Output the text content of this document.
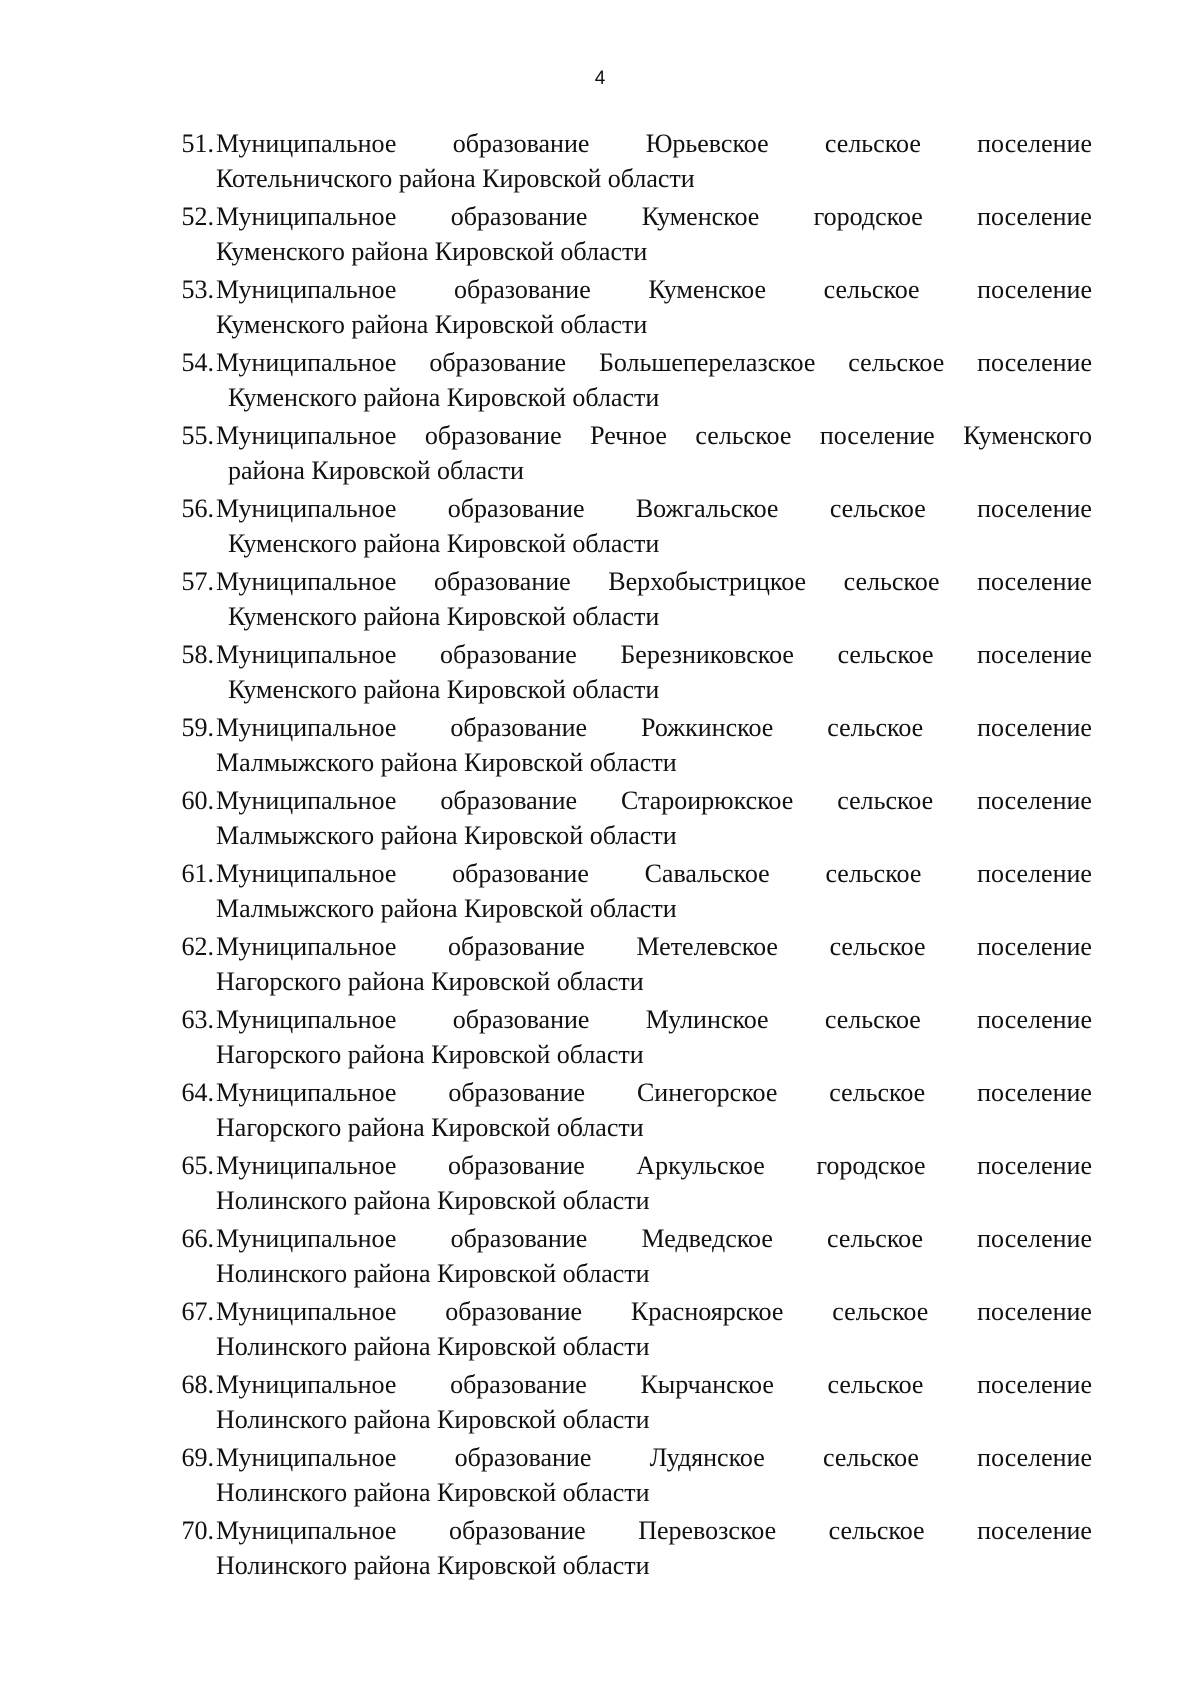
4
51. Муниципальное образование Юрьевское сельское поселение
Котельничского района Кировской области
52. Муниципальное образование Куменское городское поселение
Куменского района Кировской области
53. Муниципальное образование Куменское сельское поселение
Куменского района Кировской области
54. Муниципальное образование Большеперелазское сельское поселение
Куменского района Кировской области
55. Муниципальное образование Речное сельское поселение Куменского
района Кировской области
56. Муниципальное образование Вожгальское сельское поселение
Куменского района Кировской области
57. Муниципальное образование Верхобыстрицкое сельское поселение
Куменского района Кировской области
58. Муниципальное образование Березниковское сельское поселение
Куменского района Кировской области
59. Муниципальное образование Рожкинское сельское поселение
Малмыжского района Кировской области
60. Муниципальное образование Староирюкское сельское поселение
Малмыжского района Кировской области
61. Муниципальное образование Савальское сельское поселение
Малмыжского района Кировской области
62. Муниципальное образование Метелевское сельское поселение
Нагорского района Кировской области
63. Муниципальное образование Мулинское сельское поселение
Нагорского района Кировской области
64. Муниципальное образование Синегорское сельское поселение
Нагорского района Кировской области
65. Муниципальное образование Аркульское городское поселение
Нолинского района Кировской области
66. Муниципальное образование Медведское сельское поселение
Нолинского района Кировской области
67. Муниципальное образование Красноярское сельское поселение
Нолинского района Кировской области
68. Муниципальное образование Кырчанское сельское поселение
Нолинского района Кировской области
69. Муниципальное образование Лудянское сельское поселение
Нолинского района Кировской области
70. Муниципальное образование Перевозское сельское поселение
Нолинского района Кировской области
